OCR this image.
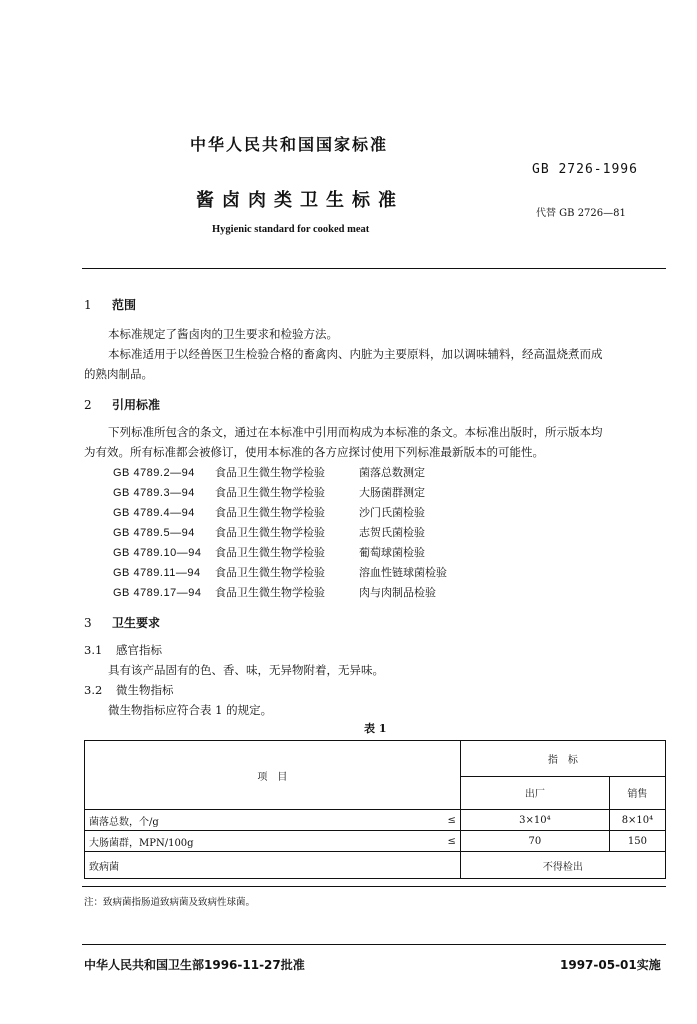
中华人民共和国国家标准
GB 2726-1996
酱卤肉类卫生标准
代替 GB 2726—81
Hygienic standard for cooked meat
1 范围
本标准规定了酱卤肉的卫生要求和检验方法。
本标准适用于以经兽医卫生检验合格的畜禽肉、内脏为主要原料，加以调味辅料，经高温烧煮而成
的熟肉制品。
2 引用标准
下列标准所包含的条文，通过在本标准中引用而构成为本标准的条文。本标准出版时，所示版本均
为有效。所有标准都会被修订，使用本标准的各方应探讨使用下列标准最新版本的可能性。
GB 4789.2—94 食品卫生微生物学检验	菌落总数测定
GB 4789.3—94 食品卫生微生物学检验	大肠菌群测定
GB 4789.4—94 食品卫生微生物学检验	沙门氏菌检验
GB 4789.5—94 食品卫生微生物学检验	志贺氏菌检验
GB 4789.10—94 食品卫生微生物学检验	葡萄球菌检验
GB 4789.11—94 食品卫生微生物学检验	溶血性链球菌检验
GB 4789.17—94 食品卫生微生物学检验	肉与肉制品检验
3 卫生要求
3.1 感官指标
具有该产品固有的色、香、味，无异物附着，无异味。
3.2 微生物指标
微生物指标应符合表 1 的规定。
表 1
项　目		指　标	
		出厂	销售
菌落总数，个/g	≤	3×10⁴	8×10⁴
大肠菌群，MPN/100g	≤	70	150
致病菌		不得检出	
注：致病菌指肠道致病菌及致病性球菌。
中华人民共和国卫生部1996-11-27批准	1997-05-01实施
